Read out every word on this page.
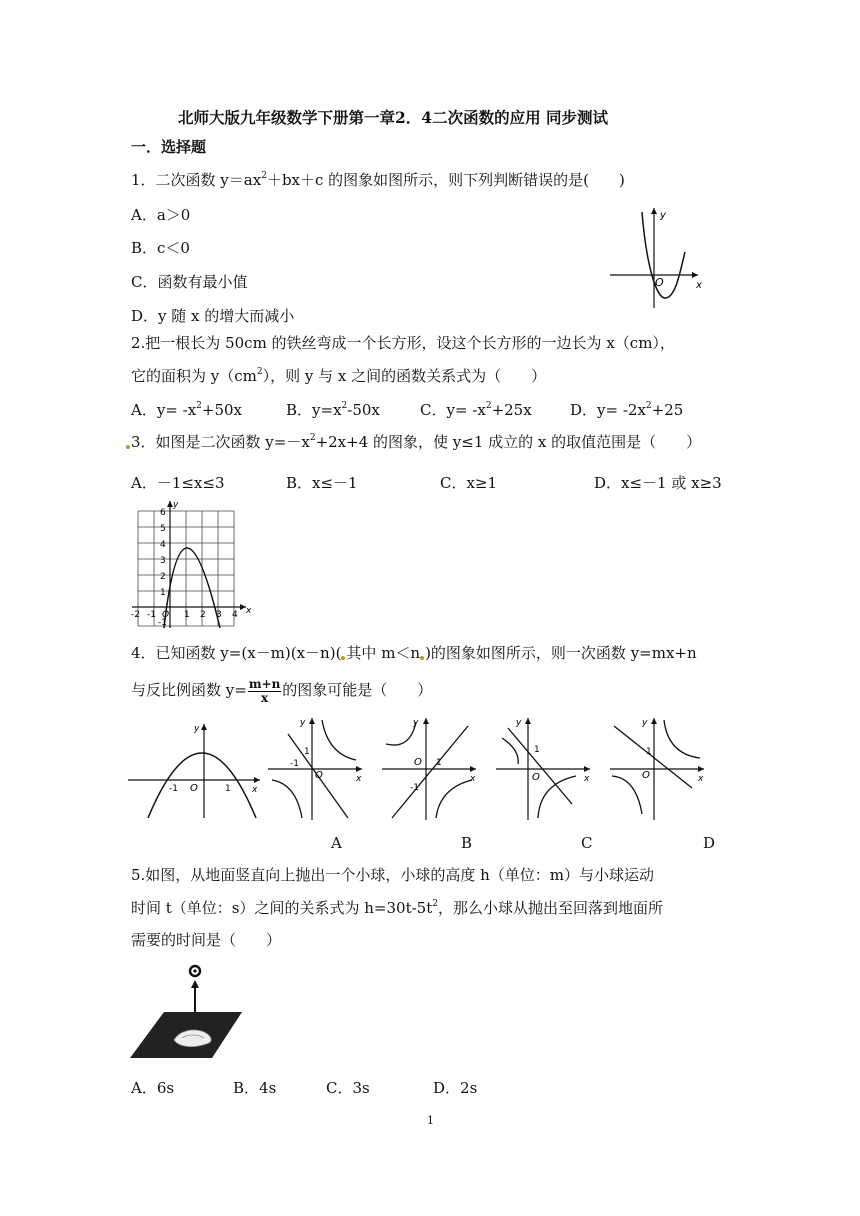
北师大版九年级数学下册第一章2．4二次函数的应用 同步测试
一．选择题
1．二次函数 $y=ax^2+bx+c$ 的图象如图所示，则下列判断错误的是(　　)
A．a＞0
B．c＜0
C．函数有最小值
D．y 随 x 的增大而减小
y
x
O
2.把一根长为 50cm 的铁丝弯成一个长方形，设这个长方形的一边长为 x（cm），
它的面积为 $y(cm^2)$，则 y 与 x 之间的函数关系式为（　　）
A．$y= -x^2+50x$	B．$y=x^2-50x$	C．$y= -x^2+25x$	D．$y= -2x^2+25$
3．如图是二次函数 $y=-x^2+2x+4$ 的图象，使 y≤1 成立的 x 的取值范围是（　　）
A．－1≤x≤3	B．x≤－1	C．x≥1	D．x≤－1 或 x≥3
y
x
6
5
4
3
2
1
-2 -1 O 1 2 3 4
-1
4．已知函数 y=(x－m)(x－n)( 其中 m＜n )的图象如图所示，则一次函数 y=mx+n
与反比例函数 $y= \frac{m+n}{x}$ 的图象可能是（　　）
y
x
O
-1	1
y
x
O
1
-1
y
x
O 1
-1
y
x
O
1
y
x
O
1
A	B	C	D
5.如图，从地面竖直向上抛出一个小球，小球的高度 h（单位：m）与小球运动
时间 t（单位：s）之间的关系式为 $h=30t-5t^2$，那么小球从抛出至回落到地面所
需要的时间是（　　）
A．6s	B．4s	C．3s	D．2s
1
